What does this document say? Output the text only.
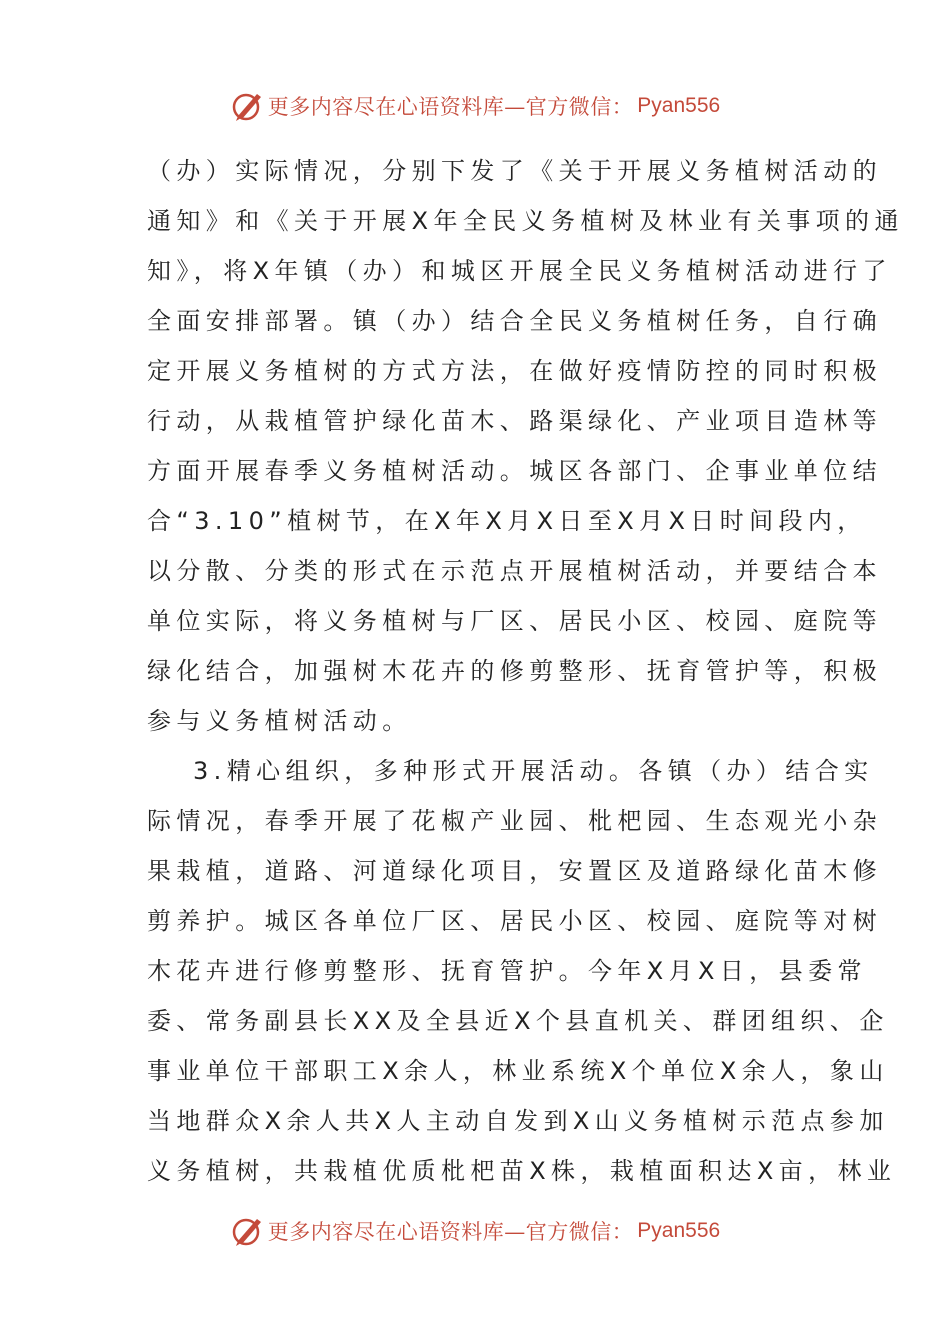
更多内容尽在心语资料库—官方微信： Pyan556
（办）实际情况，分别下发了《关于开展义务植树活动的
通知》和《关于开展X年全民义务植树及林业有关事项的通
知》，将X年镇（办）和城区开展全民义务植树活动进行了
全面安排部署。镇（办）结合全民义务植树任务，自行确
定开展义务植树的方式方法，在做好疫情防控的同时积极
行动，从栽植管护绿化苗木、路渠绿化、产业项目造林等
方面开展春季义务植树活动。城区各部门、企事业单位结
合“3.10”植树节，在X年X月X日至X月X日时间段内，
以分散、分类的形式在示范点开展植树活动，并要结合本
单位实际，将义务植树与厂区、居民小区、校园、庭院等
绿化结合，加强树木花卉的修剪整形、抚育管护等，积极
参与义务植树活动。
3.精心组织，多种形式开展活动。各镇（办）结合实
际情况，春季开展了花椒产业园、枇杷园、生态观光小杂
果栽植，道路、河道绿化项目，安置区及道路绿化苗木修
剪养护。城区各单位厂区、居民小区、校园、庭院等对树
木花卉进行修剪整形、抚育管护。今年X月X日，县委常
委、常务副县长XX及全县近X个县直机关、群团组织、企
事业单位干部职工X余人，林业系统X个单位X余人，象山
当地群众X余人共X人主动自发到X山义务植树示范点参加
义务植树，共栽植优质枇杷苗X株，栽植面积达X亩，林业
更多内容尽在心语资料库—官方微信： Pyan556
